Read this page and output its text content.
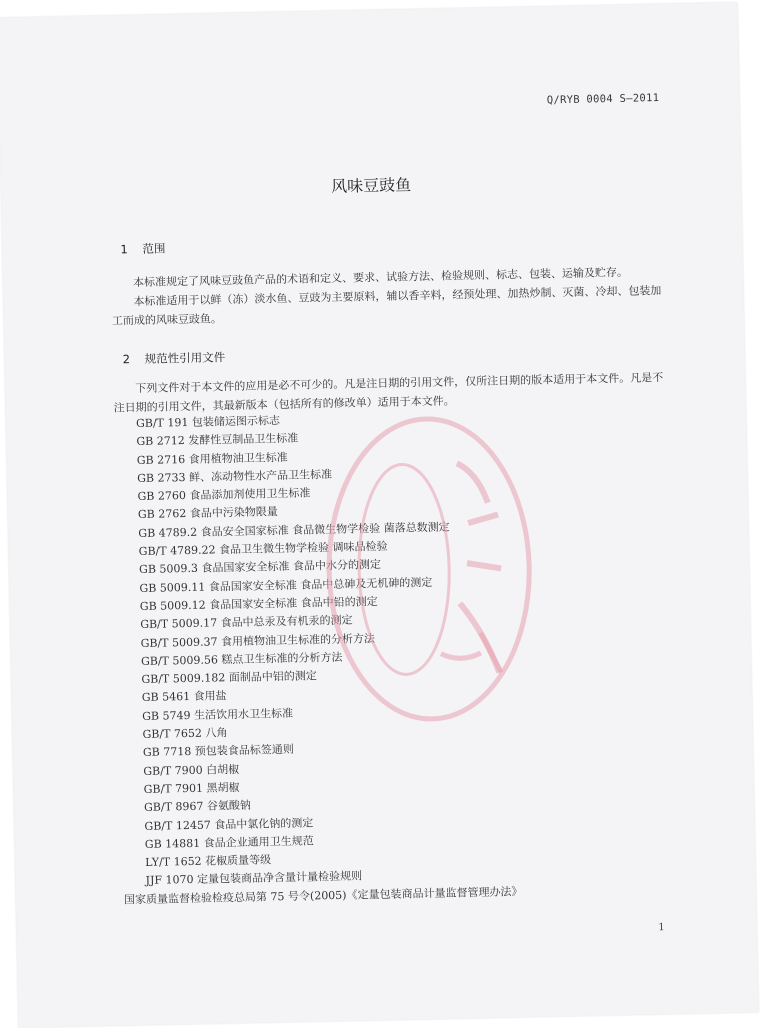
Q/RYB 0004 S—2011
风味豆豉鱼
1 范围

本标准规定了风味豆豉鱼产品的术语和定义、要求、试验方法、检验规则、标志、包装、运输及贮存。

本标准适用于以鲜（冻）淡水鱼、豆豉为主要原料，辅以香辛料，经预处理、加热炒制、灭菌、冷却、包装加工而成的风味豆豉鱼。

2 规范性引用文件

下列文件对于本文件的应用是必不可少的。凡是注日期的引用文件，仅所注日期的版本适用于本文件。凡是不注日期的引用文件，其最新版本（包括所有的修改单）适用于本文件。

GB/T 191 包装储运图示标志
GB 2712 发酵性豆制品卫生标准
GB 2716 食用植物油卫生标准
GB 2733 鲜、冻动物性水产品卫生标准
GB 2760 食品添加剂使用卫生标准
GB 2762 食品中污染物限量
GB 4789.2 食品安全国家标准 食品微生物学检验 菌落总数测定
GB/T 4789.22 食品卫生微生物学检验 调味品检验
GB 5009.3 食品国家安全标准 食品中水分的测定
GB 5009.11 食品国家安全标准 食品中总砷及无机砷的测定
GB 5009.12 食品国家安全标准 食品中铅的测定
GB/T 5009.17 食品中总汞及有机汞的测定
GB/T 5009.37 食用植物油卫生标准的分析方法
GB/T 5009.56 糕点卫生标准的分析方法
GB/T 5009.182 面制品中铝的测定
GB 5461 食用盐
GB 5749 生活饮用水卫生标准
GB/T 7652 八角
GB 7718 预包装食品标签通则
GB/T 7900 白胡椒
GB/T 7901 黑胡椒
GB/T 8967 谷氨酸钠
GB/T 12457 食品中氯化钠的测定
GB 14881 食品企业通用卫生规范
LY/T 1652 花椒质量等级
JJF 1070 定量包装商品净含量计量检验规则
国家质量监督检验检疫总局第 75 号令(2005)《定量包装商品计量监督管理办法》
1
